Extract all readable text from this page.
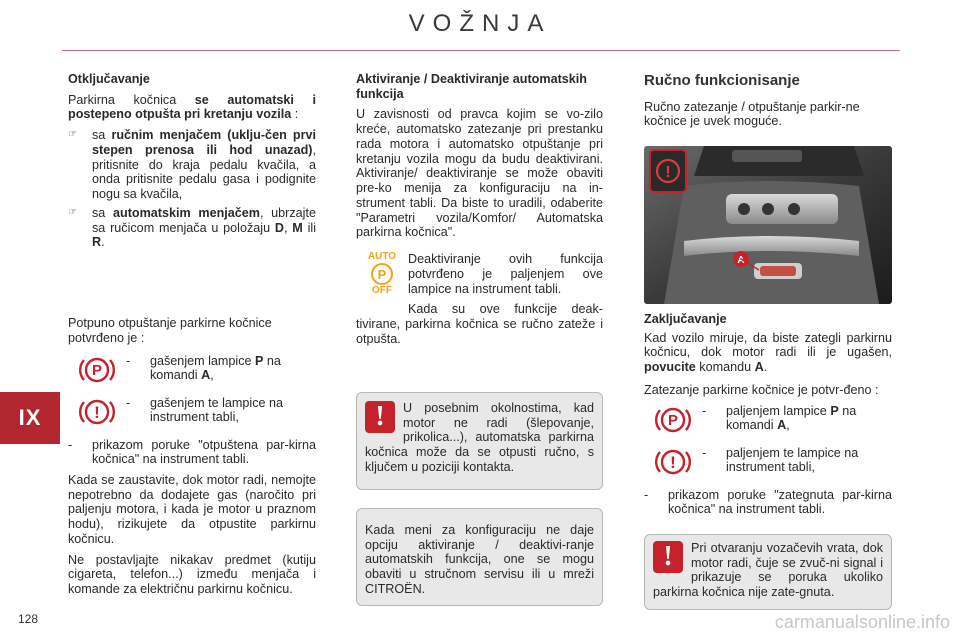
VOŽNJA
IX
128	carmanualsonline.info

Otključavanje

Parkirna kočnica se automatski i postepeno otpušta pri kretanju vozila :

☞	sa ručnim menjačem (uklju-čen prvi stepen prenosa ili hod unazad), pritisnite do kraja pedalu kvačila, a onda pritisnite pedalu gasa i podignite nogu sa kvačila,
☞	sa automatskim menjačem, ubrzajte sa ručicom menjača u položaju D, M ili R.

Potpuno otpuštanje parkirne kočnice potvrđeno je :

P
-	gašenjem lampice P na komandi A,
! -	gašenjem te lampice na instrument tabli,
-	prikazom poruke "otpuštena par-kirna kočnica" na instrument tabli.

Kada se zaustavite, dok motor radi, nemojte nepotrebno da dodajete gas (naročito pri paljenju motora, i kada je motor u praznom hodu), rizikujete da otpustite parkirnu kočnicu.

Ne postavljajte nikakav predmet (kutiju cigareta, telefon...) između menjača i komande za električnu parkirnu kočnicu.

Aktiviranje / Deaktiviranje automatskih funkcija

U zavisnosti od pravca kojim se vo-zilo kreće, automatsko zatezanje pri prestanku rada motora i automatsko otpuštanje pri kretanju vozila mogu da budu deaktivirani. Aktiviranje/ deaktiviranje se može obaviti pre-ko menija za konfiguraciju na in-strument tabli. Da biste to uradili, odaberite "Parametri vozila/Komfor/ Automatska parkirna kočnica".

AUTO
P
OFF

Deaktiviranje ovih funkcija potvrđeno je paljenjem ove lampice na instrument tabli.

Kada su ove funkcije deak-tivirane, parkirna kočnica se ručno zateže i otpušta.

!	U posebnim okolnostima, kad motor ne radi (šlepovanje, prikolica...), automatska parkirna kočnica može da se otpusti ručno, s ključem u poziciji kontakta.
Kada meni za konfiguraciju ne daje opciju aktiviranje / deaktivi-ranje automatskih funkcija, one se mogu obaviti u stručnom servisu ili u mreži CITROËN.

Ručno funkcionisanje

Ručno zatezanje / otpuštanje parkir-ne kočnice je uvek moguće.

A
!

Zaključavanje

Kad vozilo miruje, da biste zategli parkirnu kočnicu, dok motor radi ili je ugašen, povucite komandu A.

Zatezanje parkirne kočnice je potvr-đeno :

P
-	paljenjem lampice P na komandi A,
! -	paljenjem te lampice na instrument tabli,
-	prikazom poruke "zategnuta par-kirna kočnica" na instrument tabli.
!	Pri otvaranju vozačevih vrata, dok motor radi, čuje se zvuč-ni signal i prikazuje se poruka ukoliko parkirna kočnica nije zate-gnuta.
